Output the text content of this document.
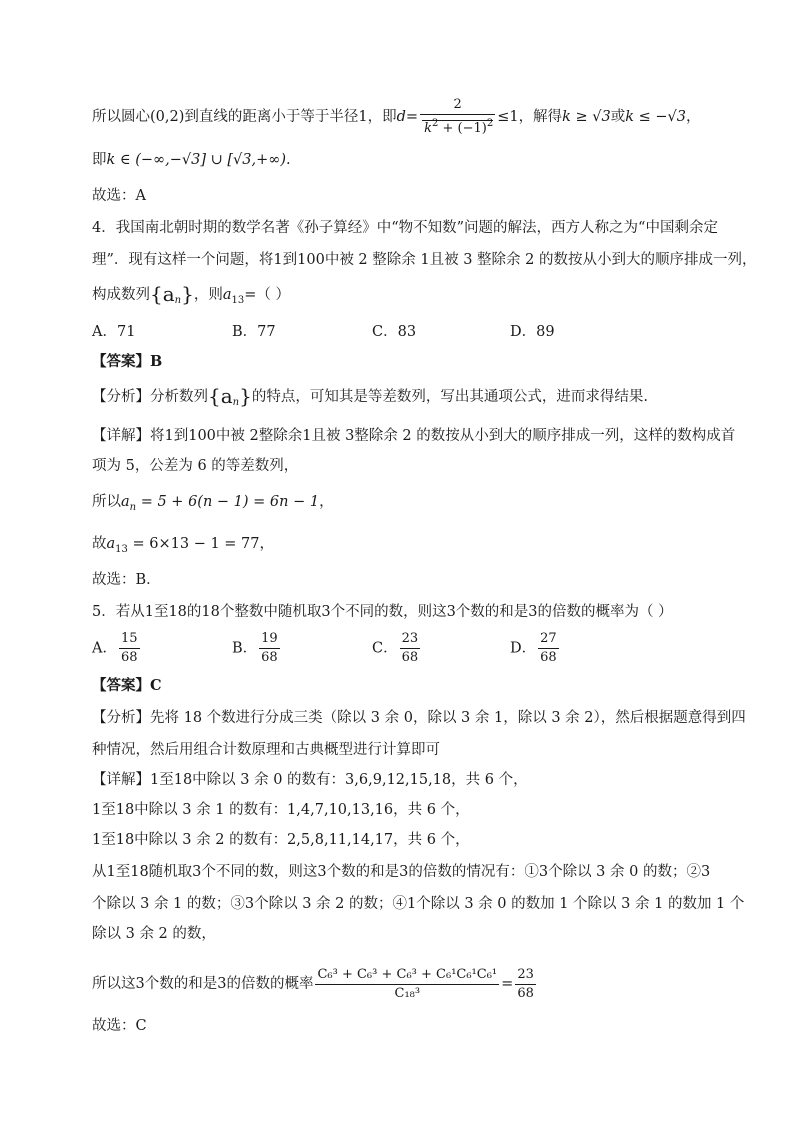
所以圆心(0,2)到直线的距离小于等于半径1，即$d= \frac{2}{k^2 + (-1)^2} \le 1$，解得k ≥ √3或k ≤ −√3，
即k ∈ (−∞,−√3] ∪ [√3,+∞).
故选：A
4．我国南北朝时期的数学名著《孙子算经》中“物不知数”问题的解法，西方人称之为“中国剩余定
理”．现有这样一个问题，将1到100中被 2 整除余 1且被 3 整除余 2 的数按从小到大的顺序排成一列，
构成数列$\{a_n\}$，则$a_{13}=$（ ）
A．71	B．77	C．83	D．89
【答案】B
【分析】分析数列$\{a_n\}$的特点，可知其是等差数列，写出其通项公式，进而求得结果.
【详解】将1到100中被 2整除余1且被 3整除余 2 的数按从小到大的顺序排成一列，这样的数构成首
项为 5，公差为 6 的等差数列，
所以$a_n = 5 + 6(n - 1) = 6n - 1$，
故$a_{13} = 6\times 13 - 1 = 77$，
故选：B．
5．若从1至18的18个整数中随机取3个不同的数，则这3个数的和是3的倍数的概率为（ ）
A． $\frac{15}{68}$	B． $\frac{19}{68}$	C． $\frac{23}{68}$	D． $\frac{27}{68}$
【答案】C
【分析】先将 18 个数进行分成三类（除以 3 余 0，除以 3 余 1，除以 3 余 2），然后根据题意得到四
种情况，然后用组合计数原理和古典概型进行计算即可
【详解】1至18中除以 3 余 0 的数有：3,6,9,12,15,18，共 6 个，
1至18中除以 3 余 1 的数有：1,4,7,10,13,16，共 6 个，
1至18中除以 3 余 2 的数有：2,5,8,11,14,17，共 6 个，
从1至18随机取3个不同的数，则这3个数的和是3的倍数的情况有：①3个除以 3 余 0 的数；②3
个除以 3 余 1 的数；③3个除以 3 余 2 的数；④1个除以 3 余 0 的数加 1 个除以 3 余 1 的数加 1 个
除以 3 余 2 的数，
所以这3个数的和是3的倍数的概率 $\frac{\text{C₆³ + C₆³ + C₆³ + C₆¹C₆¹C₆¹}}{\text{C₁₈³}} = \frac{23}{68}$
故选：C
